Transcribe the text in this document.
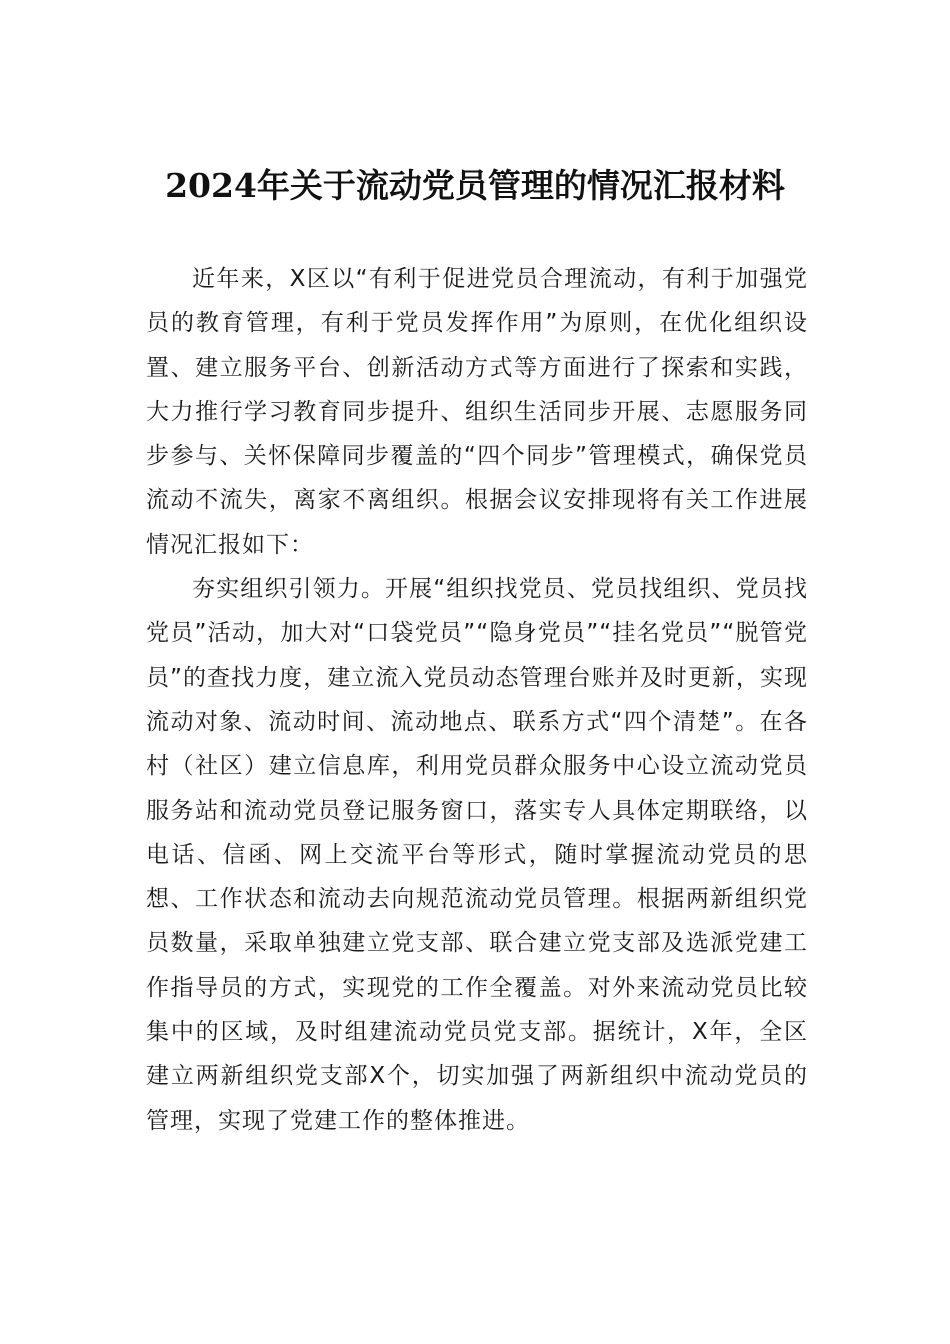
2024年关于流动党员管理的情况汇报材料

近年来，X区以“有利于促进党员合理流动，有利于加强党员的教育管理，有利于党员发挥作用”为原则，在优化组织设置、建立服务平台、创新活动方式等方面进行了探索和实践，大力推行学习教育同步提升、组织生活同步开展、志愿服务同步参与、关怀保障同步覆盖的“四个同步”管理模式，确保党员流动不流失，离家不离组织。根据会议安排现将有关工作进展情况汇报如下：

夯实组织引领力。开展“组织找党员、党员找组织、党员找党员”活动，加大对“口袋党员”“隐身党员”“挂名党员”“脱管党员”的查找力度，建立流入党员动态管理台账并及时更新，实现流动对象、流动时间、流动地点、联系方式“四个清楚”。在各村（社区）建立信息库，利用党员群众服务中心设立流动党员服务站和流动党员登记服务窗口，落实专人具体定期联络，以电话、信函、网上交流平台等形式，随时掌握流动党员的思想、工作状态和流动去向规范流动党员管理。根据两新组织党员数量，采取单独建立党支部、联合建立党支部及选派党建工作指导员的方式，实现党的工作全覆盖。对外来流动党员比较集中的区域，及时组建流动党员党支部。据统计，X年，全区建立两新组织党支部X个，切实加强了两新组织中流动党员的管理，实现了党建工作的整体推进。
